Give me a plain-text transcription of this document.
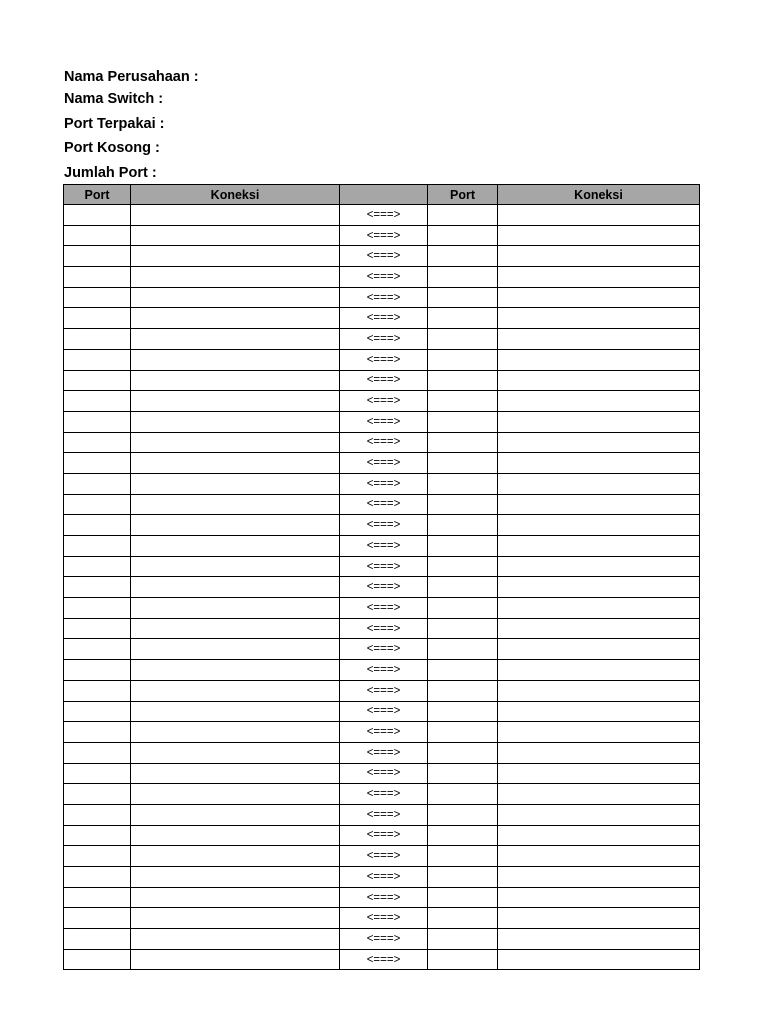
Nama Perusahaan :
Nama Switch :
Port Terpakai :
Port Kosong :
Jumlah Port :
Port	Koneksi		Port	Koneksi
		<===>		
		<===>		
		<===>		
		<===>		
		<===>		
		<===>		
		<===>		
		<===>		
		<===>		
		<===>		
		<===>		
		<===>		
		<===>		
		<===>		
		<===>		
		<===>		
		<===>		
		<===>		
		<===>		
		<===>		
		<===>		
		<===>		
		<===>		
		<===>		
		<===>		
		<===>		
		<===>		
		<===>		
		<===>		
		<===>		
		<===>		
		<===>		
		<===>		
		<===>		
		<===>		
		<===>		
		<===>		
